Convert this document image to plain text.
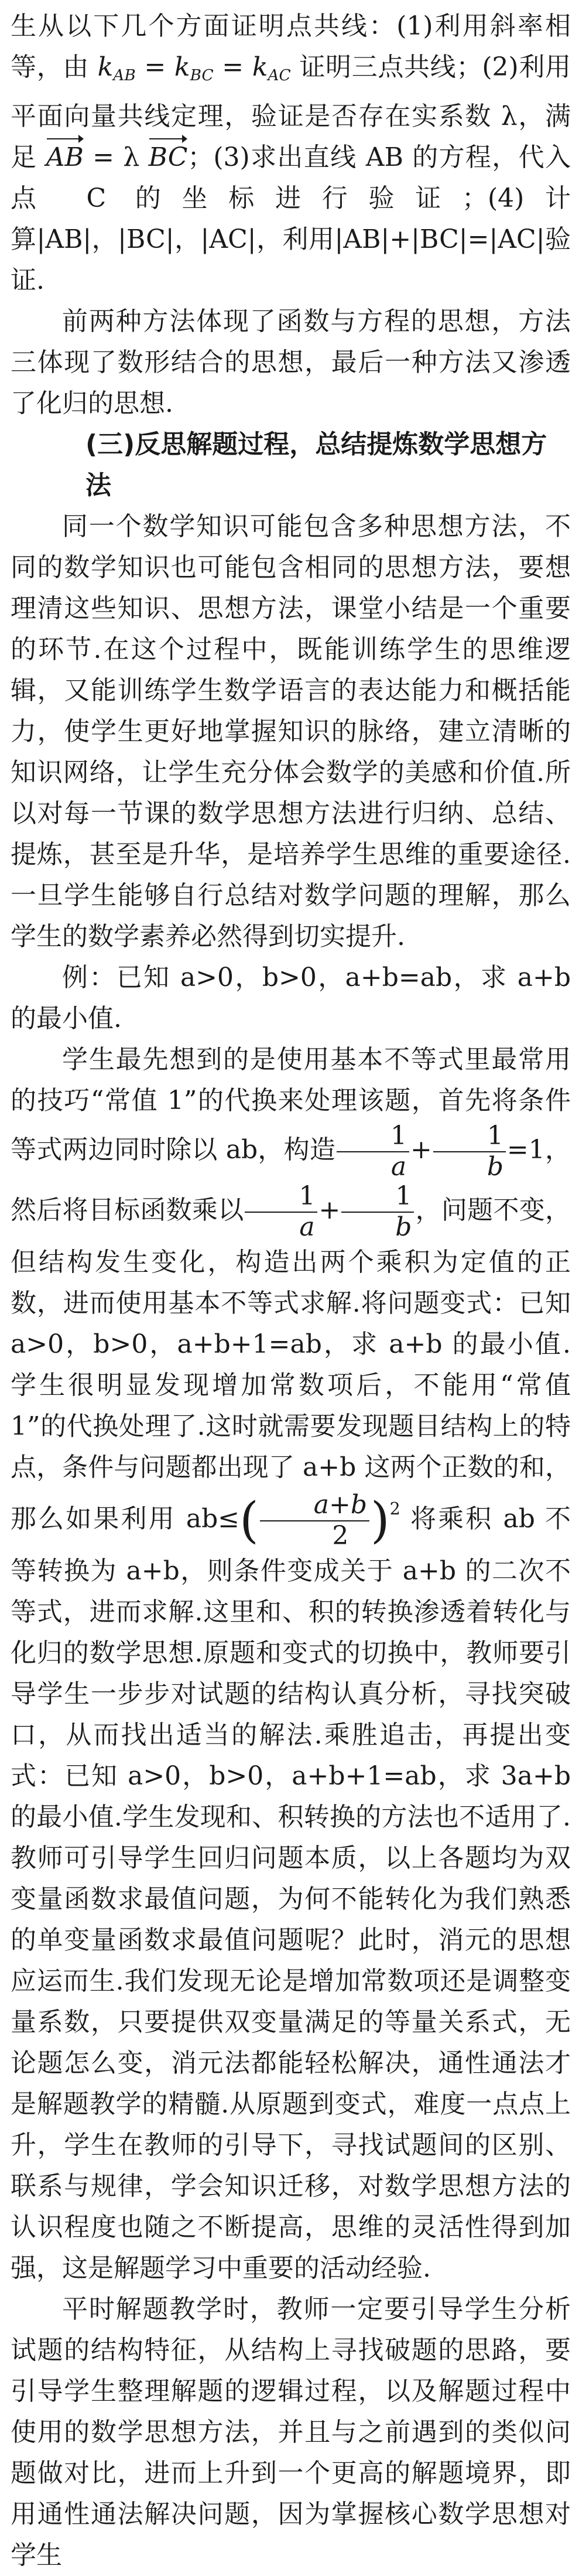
生从以下几个方面证明点共线：(1)利用斜率相等，由 $k_{AB} = k_{BC} = k_{AC}$ 证明三点共线；(2)利用平面向量共线定理，验证是否存在实系数 λ，满足 AB = λ BC；(3)求出直线 AB 的方程，代入点 C 的坐标进行验证；(4)计算|AB|，|BC|，|AC|，利用|AB|+|BC|=|AC|验证.

前两种方法体现了函数与方程的思想，方法三体现了数形结合的思想，最后一种方法又渗透了化归的思想.

(三)反思解题过程，总结提炼数学思想方法

同一个数学知识可能包含多种思想方法，不同的数学知识也可能包含相同的思想方法，要想理清这些知识、思想方法，课堂小结是一个重要的环节.在这个过程中，既能训练学生的思维逻辑，又能训练学生数学语言的表达能力和概括能力，使学生更好地掌握知识的脉络，建立清晰的知识网络，让学生充分体会数学的美感和价值.所以对每一节课的数学思想方法进行归纳、总结、提炼，甚至是升华，是培养学生思维的重要途径.一旦学生能够自行总结对数学问题的理解，那么学生的数学素养必然得到切实提升.

例：已知 a>0，b>0，a+b=ab，求 a+b 的最小值.

学生最先想到的是使用基本不等式里最常用的技巧“常值 1”的代换来处理该题，首先将条件等式两边同时除以 ab，构造 $\frac{1}{a} + \frac{1}{b} =1$，然后将目标函数乘以 $\frac{1}{a} + \frac{1}{b}$ ，问题不变，但结构发生变化，构造出两个乘积为定值的正数，进而使用基本不等式求解.将问题变式：已知 a>0，b>0，a+b+1=ab，求 a+b 的最小值.学生很明显发现增加常数项后，不能用“常值 1”的代换处理了.这时就需要发现题目结构上的特点，条件与问题都出现了 a+b 这两个正数的和，那么如果利用 $ab\le( \frac{a+b}{2} )^2$ 将乘积 ab 不等转换为 a+b，则条件变成关于 a+b 的二次不等式，进而求解.这里和、积的转换渗透着转化与化归的数学思想.原题和变式的切换中，教师要引导学生一步步对试题的结构认真分析，寻找突破口，从而找出适当的解法.乘胜追击，再提出变式：已知 a>0，b>0，a+b+1=ab，求 3a+b 的最小值.学生发现和、积转换的方法也不适用了.教师可引导学生回归问题本质，以上各题均为双变量函数求最值问题，为何不能转化为我们熟悉的单变量函数求最值问题呢？此时，消元的思想应运而生.我们发现无论是增加常数项还是调整变量系数，只要提供双变量满足的等量关系式，无论题怎么变，消元法都能轻松解决，通性通法才是解题教学的精髓.从原题到变式，难度一点点上升，学生在教师的引导下，寻找试题间的区别、联系与规律，学会知识迁移，对数学思想方法的认识程度也随之不断提高，思维的灵活性得到加强，这是解题学习中重要的活动经验.

平时解题教学时，教师一定要引导学生分析试题的结构特征，从结构上寻找破题的思路，要引导学生整理解题的逻辑过程，以及解题过程中使用的数学思想方法，并且与之前遇到的类似问题做对比，进而上升到一个更高的解题境界，即用通性通法解决问题，因为掌握核心数学思想对学生
